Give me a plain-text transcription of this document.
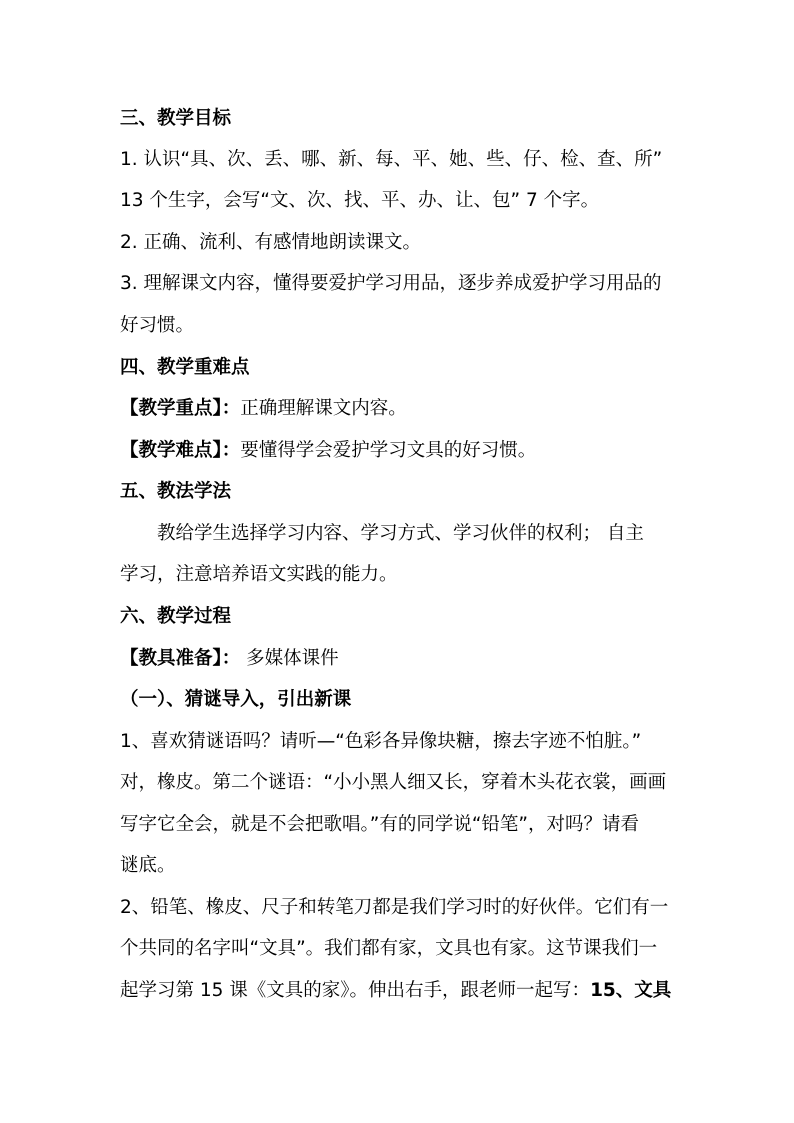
三、教学目标
1. 认识“具、次、丢、哪、新、每、平、她、些、仔、检、查、所”
13 个生字，会写“文、次、找、平、办、让、包” 7 个字。
2. 正确、流利、有感情地朗读课文。
3. 理解课文内容，懂得要爱护学习用品，逐步养成爱护学习用品的
好习惯。
四、教学重难点
【教学重点】：正确理解课文内容。
【教学难点】：要懂得学会爱护学习文具的好习惯。
五、教法学法
教给学生选择学习内容、学习方式、学习伙伴的权利； 自主
学习，注意培养语文实践的能力。
六、教学过程
【教具准备】： 多媒体课件
（一）、猜谜导入，引出新课
1、喜欢猜谜语吗？请听—“色彩各异像块糖，擦去字迹不怕脏。”
对，橡皮。第二个谜语：“小小黑人细又长，穿着木头花衣裳，画画
写字它全会，就是不会把歌唱。”有的同学说“铅笔”，对吗？请看
谜底。
2、铅笔、橡皮、尺子和转笔刀都是我们学习时的好伙伴。它们有一
个共同的名字叫“文具”。我们都有家，文具也有家。这节课我们一
起学习第 15 课《文具的家》。伸出右手，跟老师一起写：15、文具
